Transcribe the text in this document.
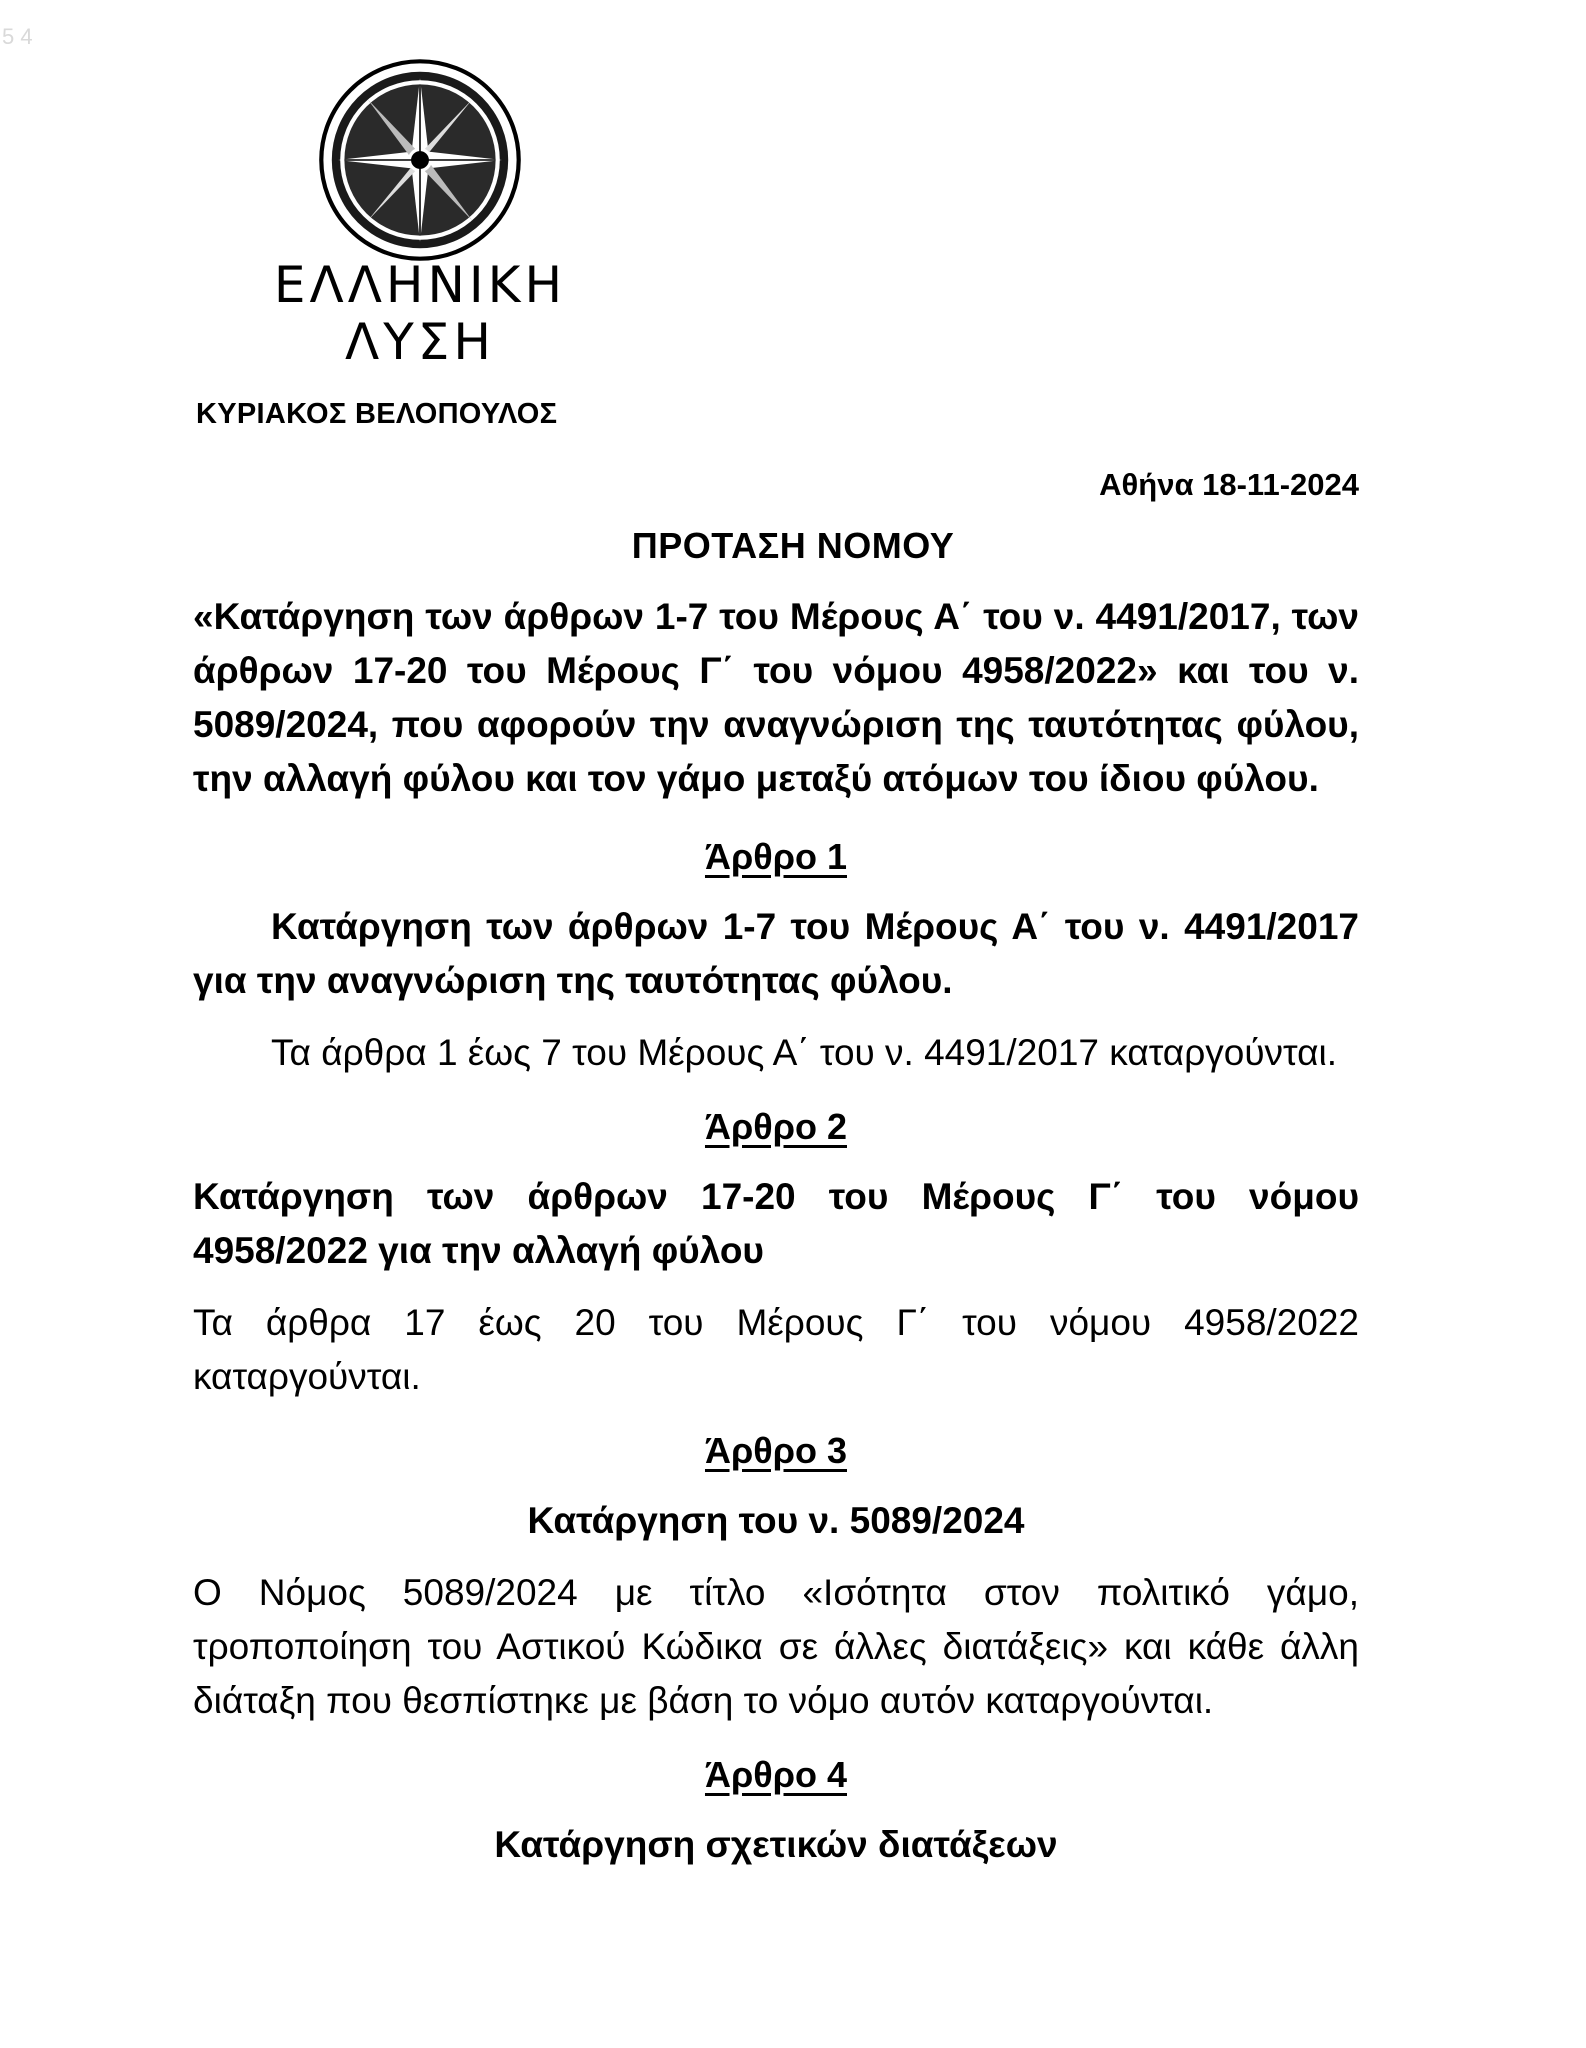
5 4
ΕΛΛΗΝΙΚΗ
ΛΥΣΗ
ΚΥΡΙΑΚΟΣ ΒΕΛΟΠΟΥΛΟΣ
Αθήνα 18-11-2024
ΠΡΟΤΑΣΗ ΝΟΜΟΥ

«Κατάργηση των άρθρων 1-7 του Μέρους Α΄ του ν. 4491/2017, των άρθρων 17-20 του Μέρους Γ΄ του νόμου 4958/2022» και του ν. 5089/2024, που αφορούν την αναγνώριση της ταυτότητας φύλου, την αλλαγή φύλου και τον γάμο μεταξύ ατόμων του ίδιου φύλου.

Άρθρο 1

Κατάργηση των άρθρων 1-7 του Μέρους Α΄ του ν. 4491/2017 για την αναγνώριση της ταυτότητας φύλου.

Τα άρθρα 1 έως 7 του Μέρους Α΄ του ν. 4491/2017 καταργούνται.

Άρθρο 2

Κατάργηση των άρθρων 17-20 του Μέρους Γ΄ του νόμου 4958/2022 για την αλλαγή φύλου

Τα άρθρα 17 έως 20 του Μέρους Γ΄ του νόμου 4958/2022 καταργούνται.

Άρθρο 3

Κατάργηση του ν. 5089/2024

Ο Νόμος 5089/2024 με τίτλο «Ισότητα στον πολιτικό γάμο, τροποποίηση του Αστικού Κώδικα σε άλλες διατάξεις» και κάθε άλλη διάταξη που θεσπίστηκε με βάση το νόμο αυτόν καταργούνται.

Άρθρο 4

Κατάργηση σχετικών διατάξεων
